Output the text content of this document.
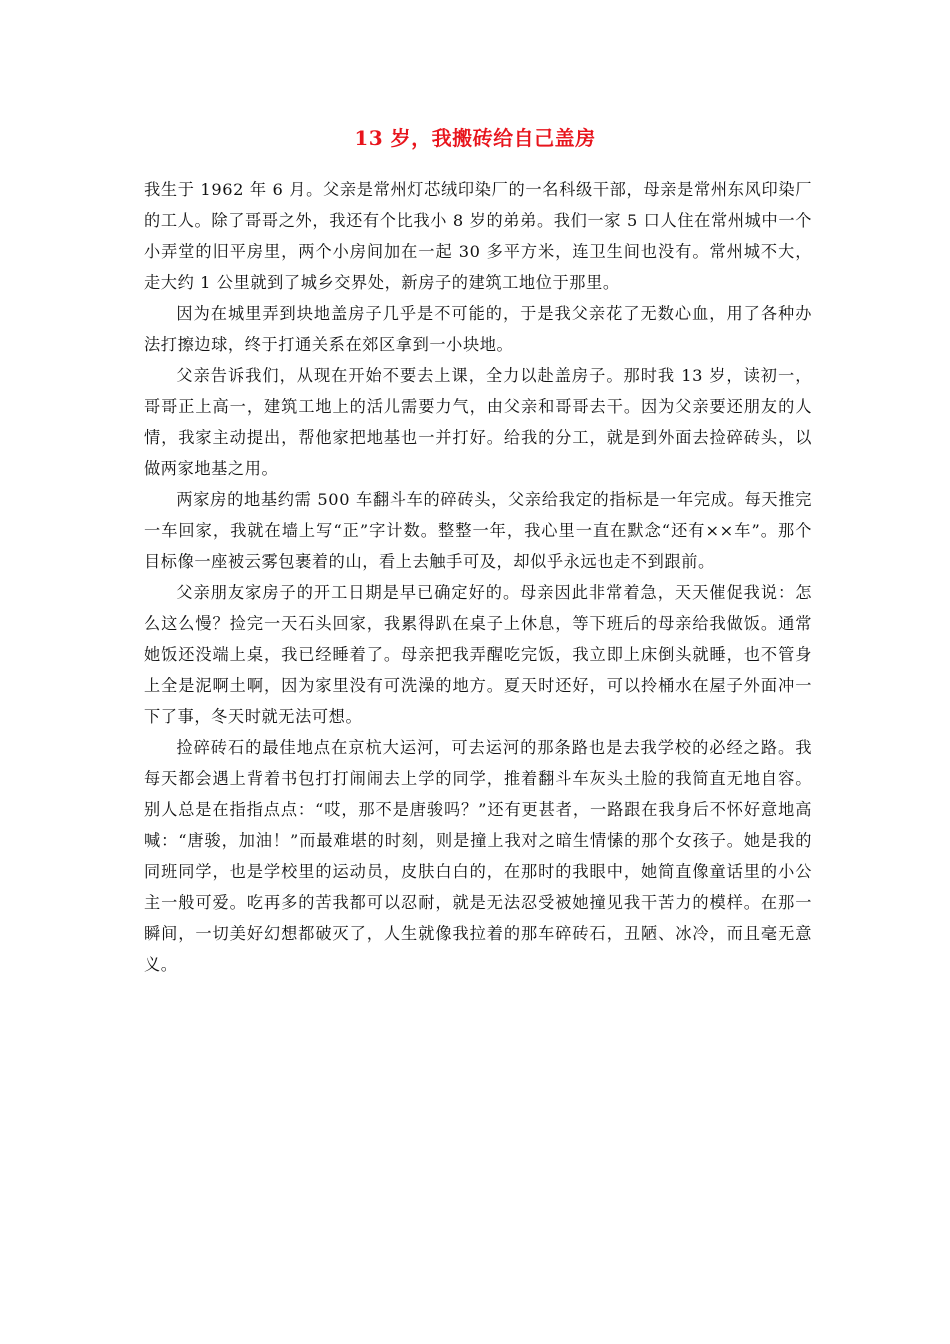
13 岁，我搬砖给自己盖房

我生于 1962 年 6 月。父亲是常州灯芯绒印染厂的一名科级干部，母亲是常州东风印染厂的工人。除了哥哥之外，我还有个比我小 8 岁的弟弟。我们一家 5 口人住在常州城中一个小弄堂的旧平房里，两个小房间加在一起 30 多平方米，连卫生间也没有。常州城不大，走大约 1 公里就到了城乡交界处，新房子的建筑工地位于那里。

因为在城里弄到块地盖房子几乎是不可能的，于是我父亲花了无数心血，用了各种办法打擦边球，终于打通关系在郊区拿到一小块地。

父亲告诉我们，从现在开始不要去上课，全力以赴盖房子。那时我 13 岁，读初一，哥哥正上高一，建筑工地上的活儿需要力气，由父亲和哥哥去干。因为父亲要还朋友的人情，我家主动提出，帮他家把地基也一并打好。给我的分工，就是到外面去捡碎砖头，以做两家地基之用。

两家房的地基约需 500 车翻斗车的碎砖头，父亲给我定的指标是一年完成。每天推完一车回家，我就在墙上写“正”字计数。整整一年，我心里一直在默念“还有××车”。那个目标像一座被云雾包裹着的山，看上去触手可及，却似乎永远也走不到跟前。

父亲朋友家房子的开工日期是早已确定好的。母亲因此非常着急，天天催促我说：怎么这么慢？捡完一天石头回家，我累得趴在桌子上休息，等下班后的母亲给我做饭。通常她饭还没端上桌，我已经睡着了。母亲把我弄醒吃完饭，我立即上床倒头就睡，也不管身上全是泥啊土啊，因为家里没有可洗澡的地方。夏天时还好，可以拎桶水在屋子外面冲一下了事，冬天时就无法可想。

捡碎砖石的最佳地点在京杭大运河，可去运河的那条路也是去我学校的必经之路。我每天都会遇上背着书包打打闹闹去上学的同学，推着翻斗车灰头土脸的我简直无地自容。别人总是在指指点点：“哎，那不是唐骏吗？”还有更甚者，一路跟在我身后不怀好意地高喊：“唐骏，加油！”而最难堪的时刻，则是撞上我对之暗生情愫的那个女孩子。她是我的同班同学，也是学校里的运动员，皮肤白白的，在那时的我眼中，她简直像童话里的小公主一般可爱。吃再多的苦我都可以忍耐，就是无法忍受被她撞见我干苦力的模样。在那一瞬间，一切美好幻想都破灭了，人生就像我拉着的那车碎砖石，丑陋、冰冷，而且毫无意义。
